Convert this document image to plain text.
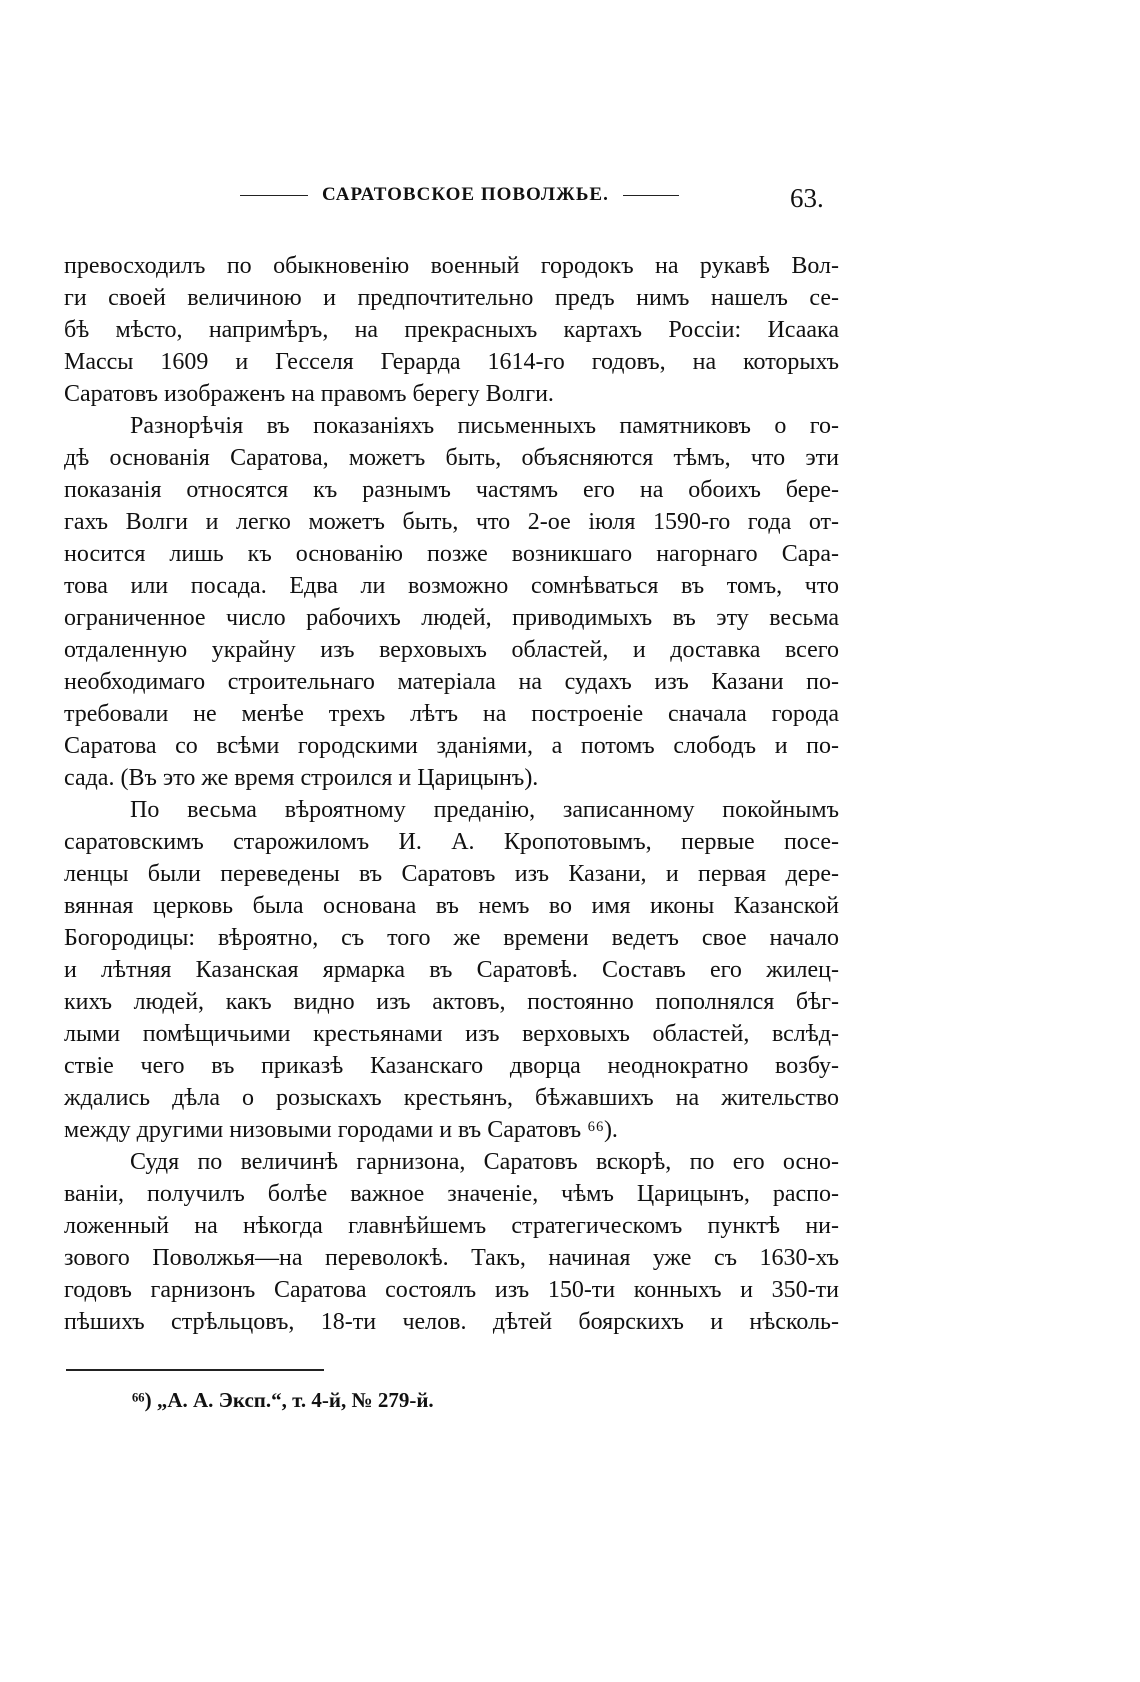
САРАТОВСКОЕ ПОВОЛЖЬЕ.	63.
превосходилъ по обыкновенію военный городокъ на рукавѣ Вол-
ги своей величиною и предпочтительно предъ нимъ нашелъ се-
бѣ мѣсто, напримѣръ, на прекрасныхъ картахъ Россіи: Исаака
Массы 1609 и Гесселя Герарда 1614-го годовъ, на которыхъ
Саратовъ изображенъ на правомъ берегу Волги.
Разнорѣчія въ показаніяхъ письменныхъ памятниковъ о го-
дѣ основанія Саратова, можетъ быть, объясняются тѣмъ, что эти
показанія относятся къ разнымъ частямъ его на обоихъ бере-
гахъ Волги и легко можетъ быть, что 2-ое іюля 1590-го года от-
носится лишь къ основанію позже возникшаго нагорнаго Сара-
това или посада. Едва ли возможно сомнѣваться въ томъ, что
ограниченное число рабочихъ людей, приводимыхъ въ эту весьма
отдаленную украйну изъ верховыхъ областей, и доставка всего
необходимаго строительнаго матеріала на судахъ изъ Казани по-
требовали не менѣе трехъ лѣтъ на построеніе сначала города
Саратова со всѣми городскими зданіями, а потомъ слободъ и по-
сада. (Въ это же время строился и Царицынъ).
По весьма вѣроятному преданію, записанному покойнымъ
саратовскимъ старожиломъ И. А. Кропотовымъ, первые посе-
ленцы были переведены въ Саратовъ изъ Казани, и первая дере-
вянная церковь была основана въ немъ во имя иконы Казанской
Богородицы: вѣроятно, съ того же времени ведетъ свое начало
и лѣтняя Казанская ярмарка въ Саратовѣ. Составъ его жилец-
кихъ людей, какъ видно изъ актовъ, постоянно пополнялся бѣг-
лыми помѣщичьими крестьянами изъ верховыхъ областей, вслѣд-
ствіе чего въ приказѣ Казанскаго дворца неоднократно возбу-
ждались дѣла о розыскахъ крестьянъ, бѣжавшихъ на жительство
между другими низовыми городами и въ Саратовъ ⁶⁶).
Судя по величинѣ гарнизона, Саратовъ вскорѣ, по его осно-
ваніи, получилъ болѣе важное значеніе, чѣмъ Царицынъ, распо-
ложенный на нѣкогда главнѣйшемъ стратегическомъ пунктѣ ни-
зового Поволжья—на переволокѣ. Такъ, начиная уже съ 1630-хъ
годовъ гарнизонъ Саратова состоялъ изъ 150-ти конныхъ и 350-ти
пѣшихъ стрѣльцовъ, 18-ти челов. дѣтей боярскихъ и нѣсколь-
⁶⁶) „А. А. Эксп.“, т. 4-й, № 279-й.
